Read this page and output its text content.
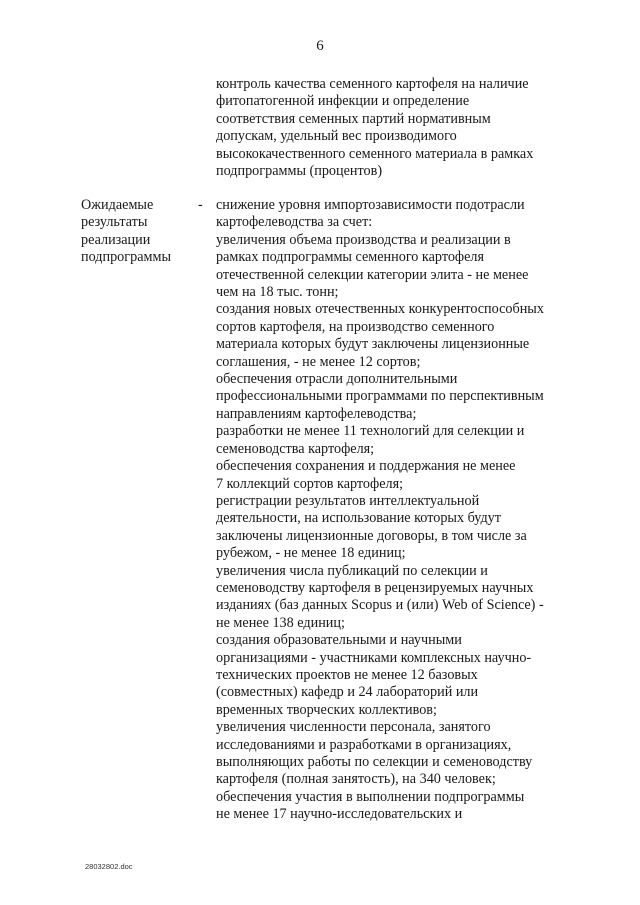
6
контроль качества семенного картофеля на наличие
фитопатогенной инфекции и определение
соответствия семенных партий нормативным
допускам, удельный вес производимого
высококачественного семенного материала в рамках
подпрограммы (процентов)
Ожидаемые
результаты
реализации
подпрограммы
- снижение уровня импортозависимости подотрасли
картофелеводства за счет:
увеличения объема производства и реализации в
рамках подпрограммы семенного картофеля
отечественной селекции категории элита - не менее
чем на 18 тыс. тонн;
создания новых отечественных конкурентоспособных
сортов картофеля, на производство семенного
материала которых будут заключены лицензионные
соглашения, - не менее 12 сортов;
обеспечения отрасли дополнительными
профессиональными программами по перспективным
направлениям картофелеводства;
разработки не менее 11 технологий для селекции и
семеноводства картофеля;
обеспечения сохранения и поддержания не менее
7 коллекций сортов картофеля;
регистрации результатов интеллектуальной
деятельности, на использование которых будут
заключены лицензионные договоры, в том числе за
рубежом, - не менее 18 единиц;
увеличения числа публикаций по селекции и
семеноводству картофеля в рецензируемых научных
изданиях (баз данных Scopus и (или) Web of Science) -
не менее 138 единиц;
создания образовательными и научными
организациями - участниками комплексных научно-
технических проектов не менее 12 базовых
(совместных) кафедр и 24 лабораторий или
временных творческих коллективов;
увеличения численности персонала, занятого
исследованиями и разработками в организациях,
выполняющих работы по селекции и семеноводству
картофеля (полная занятость), на 340 человек;
обеспечения участия в выполнении подпрограммы
не менее 17 научно-исследовательских и
28032802.doc
